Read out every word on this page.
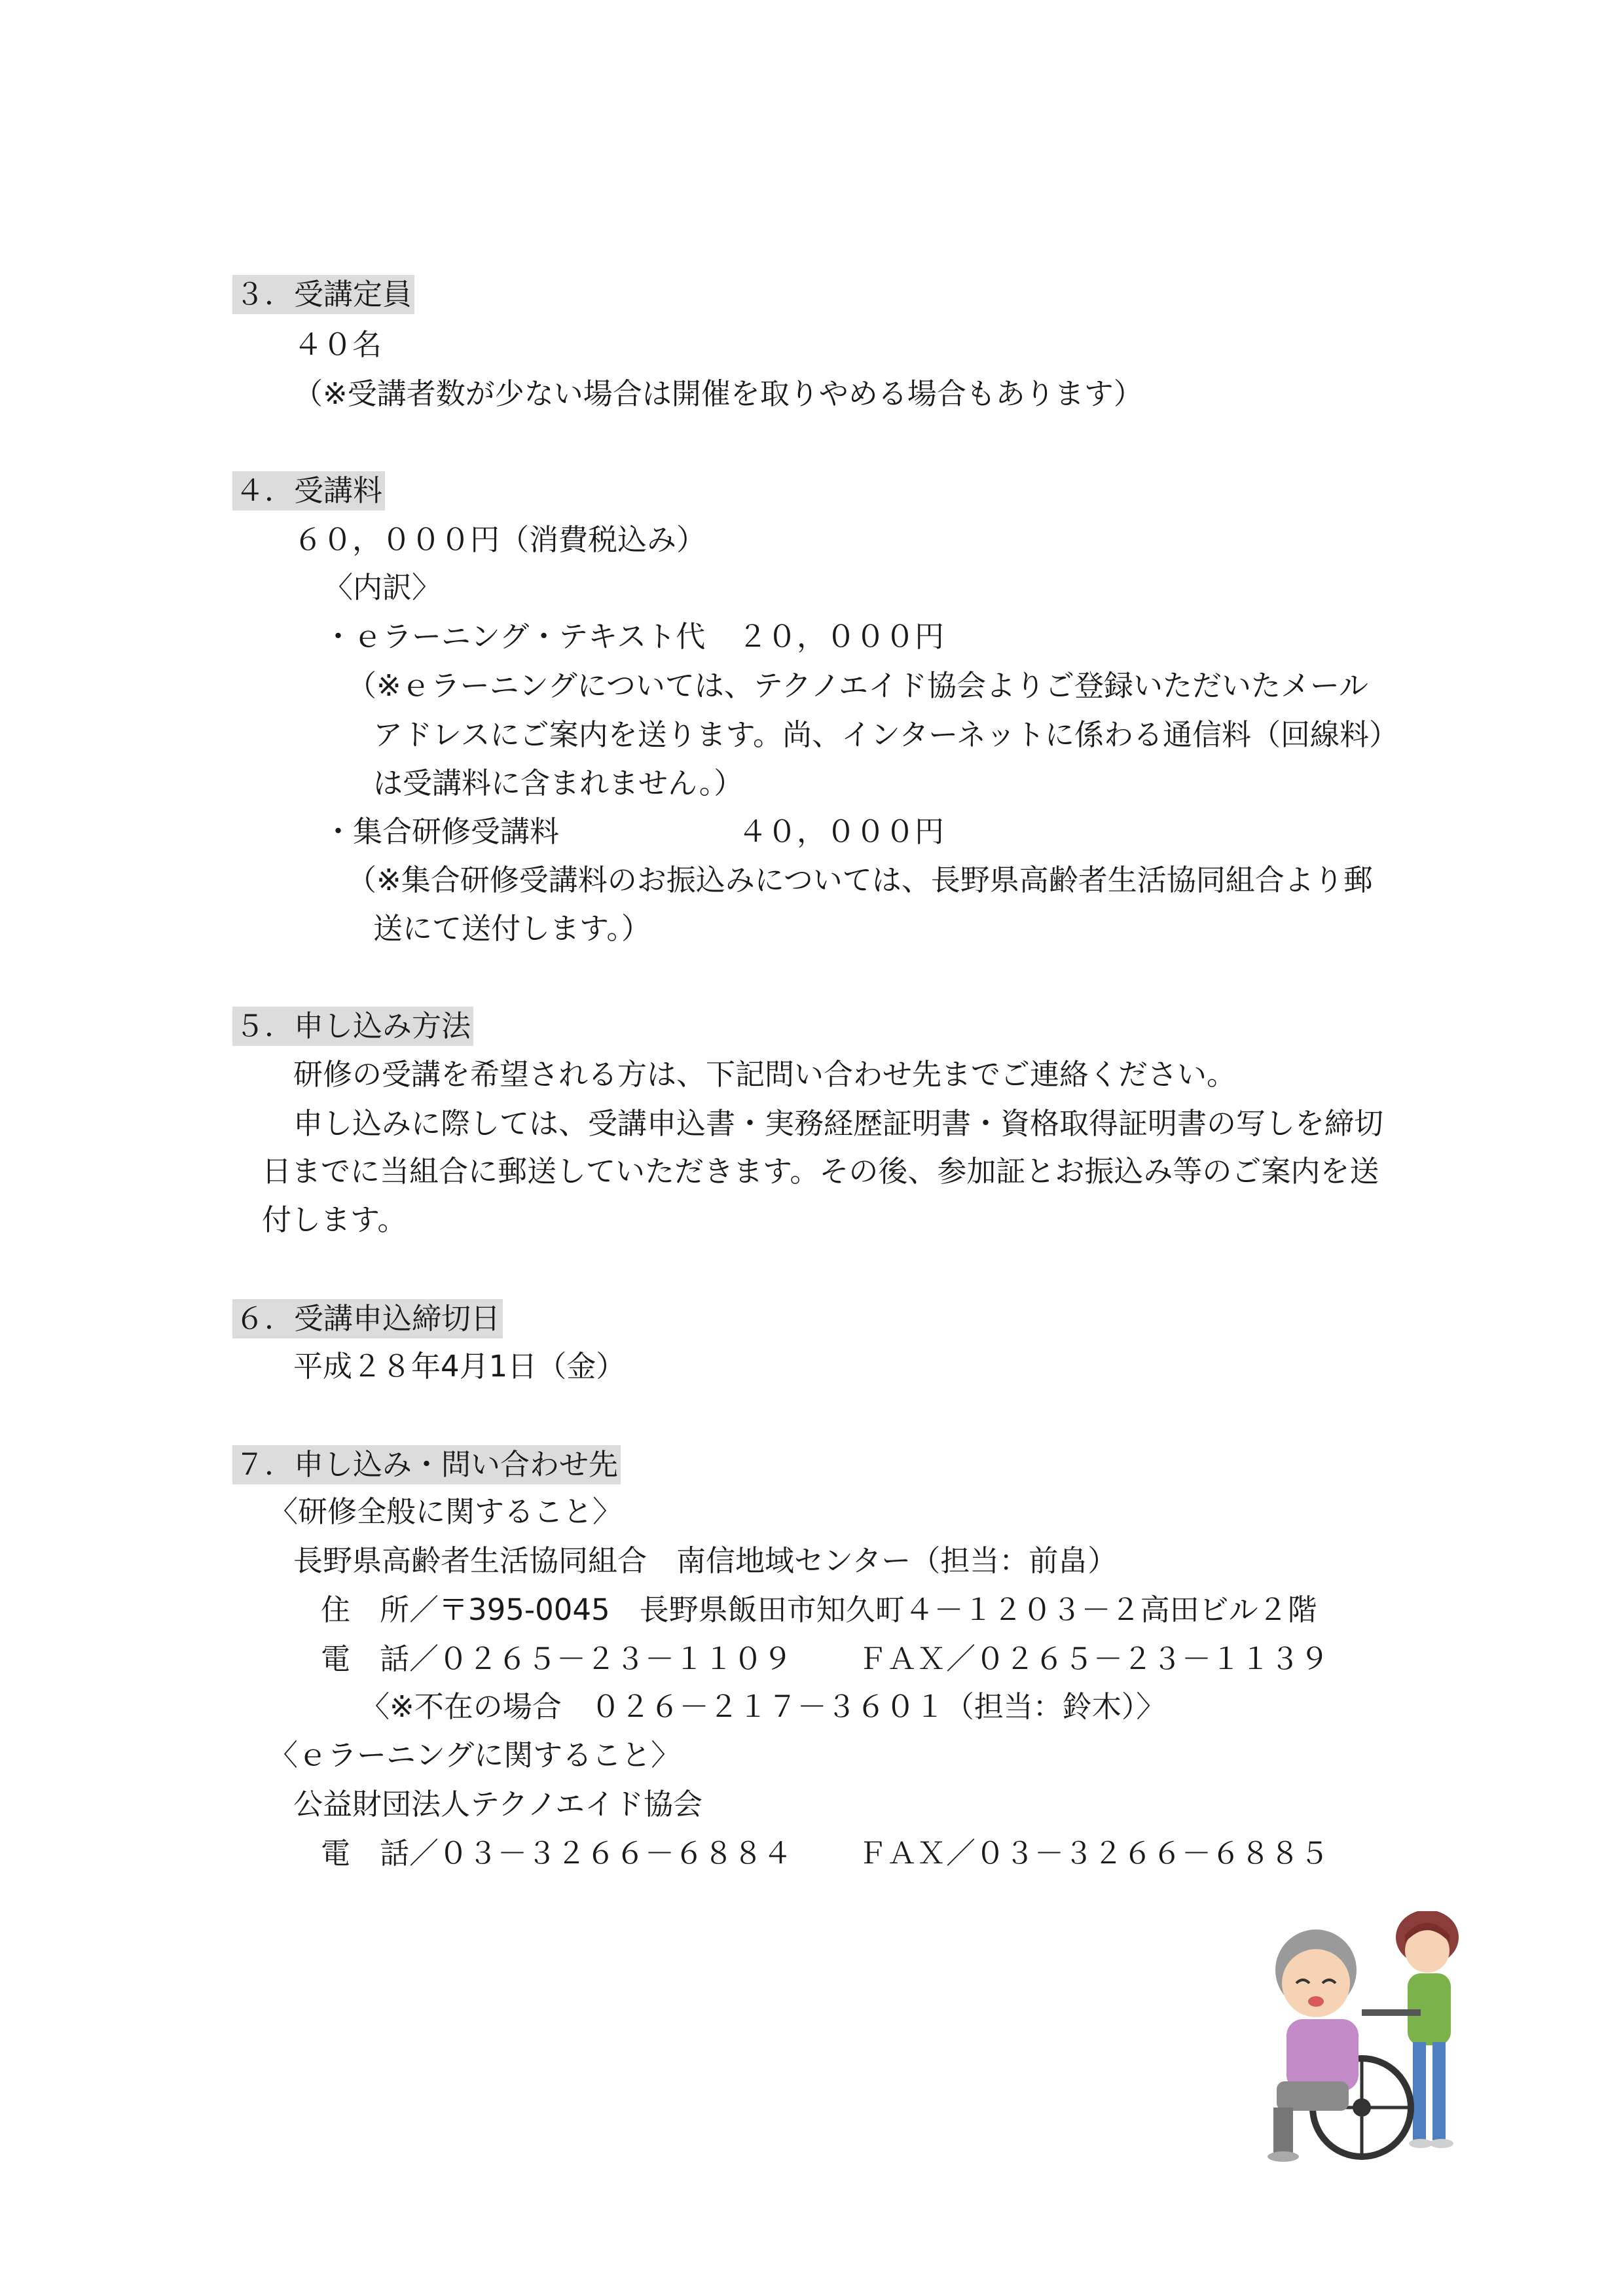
３．受講定員
４０名
（※受講者数が少ない場合は開催を取りやめる場合もあります）
４．受講料
６０，０００円（消費税込み）
〈内訳〉
・ｅラーニング・テキスト代 ２０，０００円
（※ｅラーニングについては、テクノエイド協会よりご登録いただいたメール
アドレスにご案内を送ります。尚、インターネットに係わる通信料（回線料）
は受講料に含まれません。）
・集合研修受講料	４０，０００円
（※集合研修受講料のお振込みについては、長野県高齢者生活協同組合より郵
送にて送付します。）
５．申し込み方法
研修の受講を希望される方は、下記問い合わせ先までご連絡ください。
申し込みに際しては、受講申込書・実務経歴証明書・資格取得証明書の写しを締切
日までに当組合に郵送していただきます。その後、参加証とお振込み等のご案内を送
付します。
６．受講申込締切日
平成２８年4月1日（金）
７．申し込み・問い合わせ先
〈研修全般に関すること〉
長野県高齢者生活協同組合　南信地域センター（担当：前畠）
住　所／〒395-0045　長野県飯田市知久町４－１２０３－２高田ビル２階
電　話／０２６５－２３－１１０９ ＦＡＸ／０２６５－２３－１１３９
〈※不在の場合　０２６－２１７－３６０１（担当：鈴木）〉
〈ｅラーニングに関すること〉
公益財団法人テクノエイド協会
電　話／０３－３２６６－６８８４ ＦＡＸ／０３－３２６６－６８８５
